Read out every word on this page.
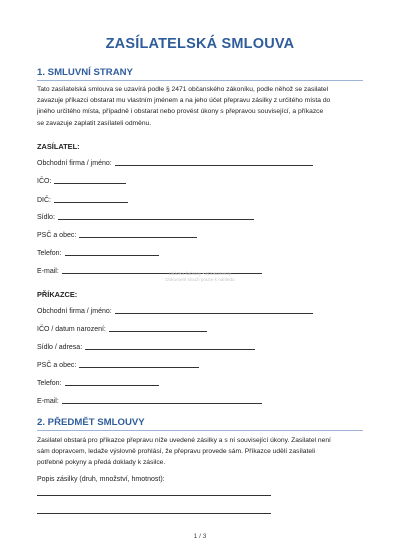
ZASÍLATELSKÁ SMLOUVA
1. SMLUVNÍ STRANY
Tato zasílatelská smlouva se uzavírá podle § 2471 občanského zákoníku, podle něhož se zasilatel
zavazuje příkazci obstarat mu vlastním jménem a na jeho účet přepravu zásilky z určitého místa do
jiného určitého místa, případně i obstarat nebo provést úkony s přepravou související, a příkazce
se zavazuje zaplatit zasílateli odměnu.
ZASÍLATEL:
Obchodní firma / jméno:
IČO:
DIČ:
Sídlo:
PSČ a obec:
Telefon:
E-mail:	Ukázka šablony • eDokumenty
Dokument slouží pouze k náhledu
PŘÍKAZCE:
Obchodní firma / jméno:
IČO / datum narození:
Sídlo / adresa:
PSČ a obec:
Telefon:
E-mail:
2. PŘEDMĚT SMLOUVY
Zasilatel obstará pro příkazce přepravu níže uvedené zásilky a s ní související úkony. Zasilatel není
sám dopravcem, ledaže výslovně prohlásí, že přepravu provede sám. Příkazce udělí zasílateli
potřebné pokyny a předá doklady k zásilce.
Popis zásilky (druh, množství, hmotnost):
1 / 3
